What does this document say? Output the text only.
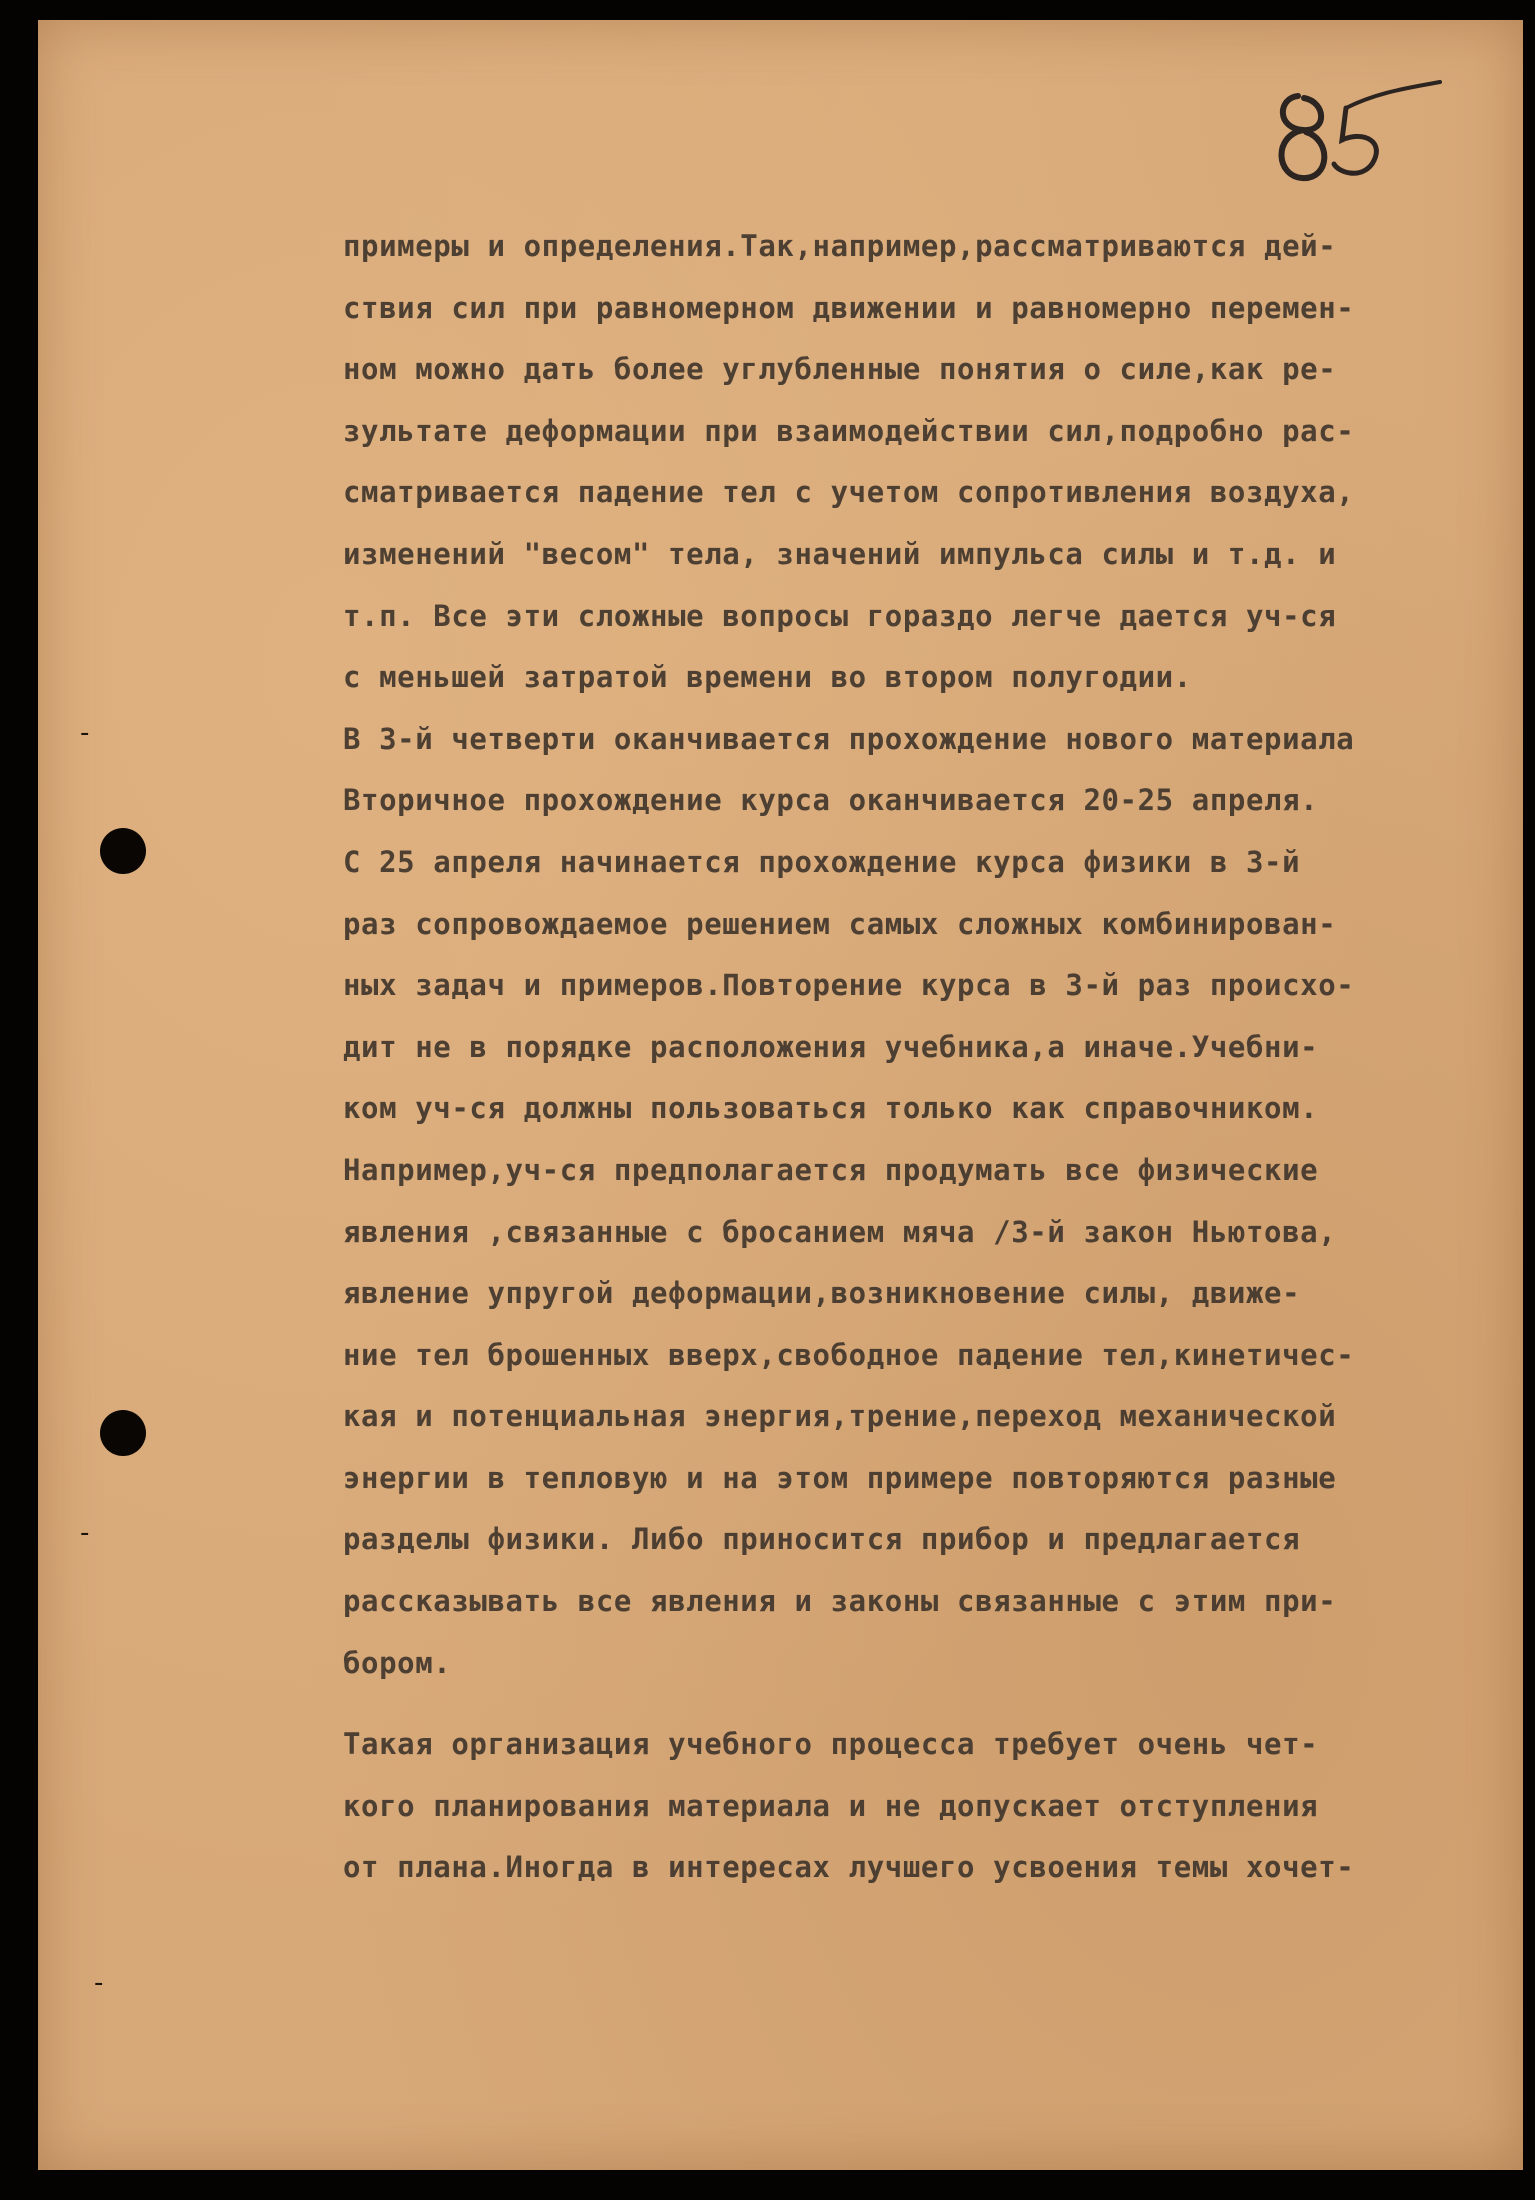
примеры и определения.Так,например,рассматриваются дей-
ствия сил при равномерном движении и равномерно перемен-
ном можно дать более углубленные понятия о силе,как ре-
зультате деформации при взаимодействии сил,подробно рас-
сматривается падение тел с учетом сопротивления воздуха,
изменений "весом" тела, значений импульса силы и т.д. и
т.п. Все эти сложные вопросы гораздо легче дается уч-ся
с меньшей затратой времени во втором полугодии.
В 3-й четверти оканчивается прохождение нового материала
Вторичное прохождение курса оканчивается 20-25 апреля.
С 25 апреля начинается прохождение курса физики в 3-й
раз сопровождаемое решением самых сложных комбинирован-
ных задач и примеров.Повторение курса в 3-й раз происхо-
дит не в порядке расположения учебника,а иначе.Учебни-
ком уч-ся должны пользоваться только как справочником.
Например,уч-ся предполагается продумать все физические
явления ,связанные с бросанием мяча /3-й закон Ньютова,
явление упругой деформации,возникновение силы, движе-
ние тел брошенных вверх,свободное падение тел,кинетичес-
кая и потенциальная энергия,трение,переход механической
энергии в тепловую и на этом примере повторяются разные
разделы физики. Либо приносится прибор и предлагается
рассказывать все явления и законы связанные с этим при-
бором.
Такая организация учебного процесса требует очень чет-
кого планирования материала и не допускает отступления
от плана.Иногда в интересах лучшего усвоения темы хочет-
-
-
-
